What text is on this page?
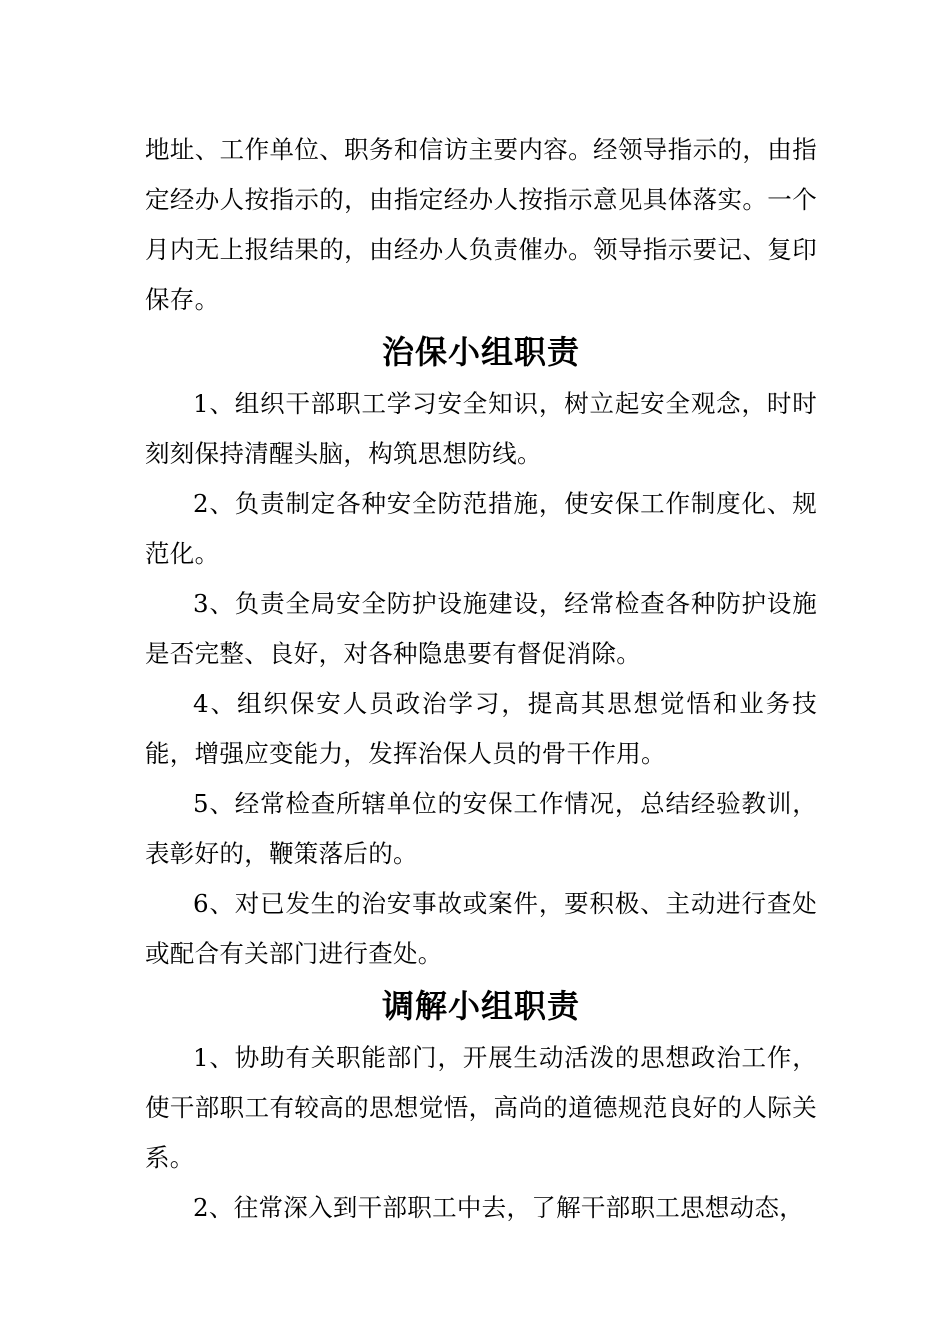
地址、工作单位、职务和信访主要内容。经领导指示的，由指定经办人按指示的，由指定经办人按指示意见具体落实。一个月内无上报结果的，由经办人负责催办。领导指示要记、复印保存。

治保小组职责

1、组织干部职工学习安全知识，树立起安全观念，时时刻刻保持清醒头脑，构筑思想防线。

2、负责制定各种安全防范措施，使安保工作制度化、规范化。

3、负责全局安全防护设施建设，经常检查各种防护设施是否完整、良好，对各种隐患要有督促消除。

4、组织保安人员政治学习，提高其思想觉悟和业务技能，增强应变能力，发挥治保人员的骨干作用。

5、经常检查所辖单位的安保工作情况，总结经验教训，表彰好的，鞭策落后的。

6、对已发生的治安事故或案件，要积极、主动进行查处或配合有关部门进行查处。

调解小组职责

1、协助有关职能部门，开展生动活泼的思想政治工作，使干部职工有较高的思想觉悟，高尚的道德规范良好的人际关系。

2、往常深入到干部职工中去，了解干部职工思想动态，
